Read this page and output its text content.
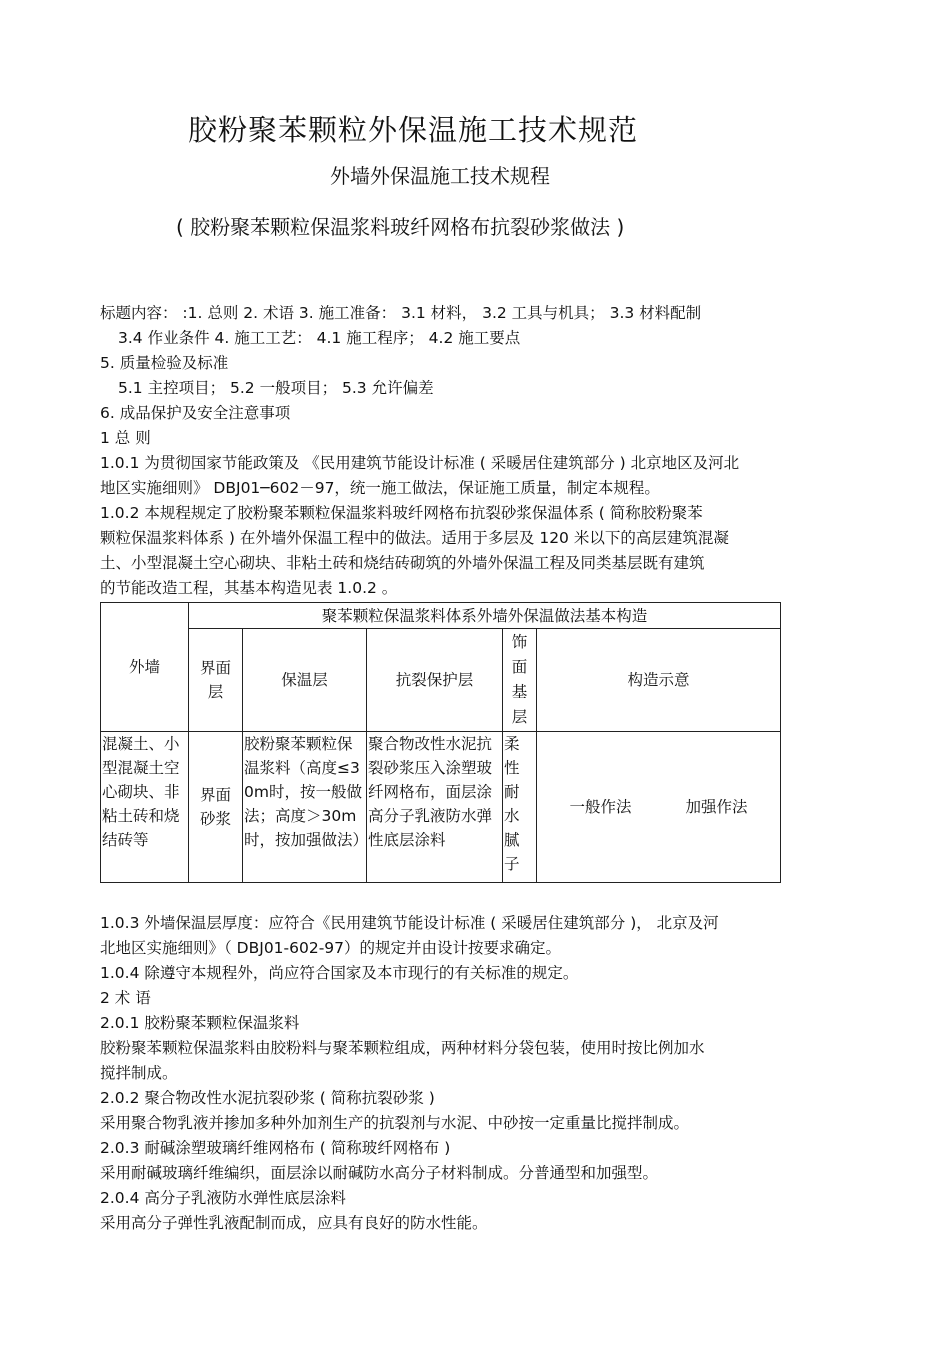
胶粉聚苯颗粒外保温施工技术规范
外墙外保温施工技术规程
( 胶粉聚苯颗粒保温浆料玻纤网格布抗裂砂浆做法 )
标题内容： :1. 总则 2. 术语 3. 施工准备： 3.1 材料， 3.2 工具与机具； 3.3 材料配制
3.4 作业条件 4. 施工工艺： 4.1 施工程序； 4.2 施工要点
5. 质量检验及标准
5.1 主控项目； 5.2 一般项目； 5.3 允许偏差
6. 成品保护及安全注意事项
1 总 则
1.0.1 为贯彻国家节能政策及 《民用建筑节能设计标准 ( 采暖居住建筑部分 ) 北京地区及河北
地区实施细则》 DBJ01─602－97，统一施工做法，保证施工质量，制定本规程。
1.0.2 本规程规定了胶粉聚苯颗粒保温浆料玻纤网格布抗裂砂浆保温体系 ( 简称胶粉聚苯
颗粒保温浆料体系 ) 在外墙外保温工程中的做法。适用于多层及 120 米以下的高层建筑混凝
土、小型混凝土空心砌块、非粘土砖和烧结砖砌筑的外墙外保温工程及同类基层既有建筑
的节能改造工程，其基本构造见表 1.0.2 。
外墙	聚苯颗粒保温浆料体系外墙外保温做法基本构造				

	界面层	保温层	抗裂保护层	饰面基层	构造示意
混凝土、小型混凝土空心砌块、非粘土砖和烧结砖等	界面砂浆	胶粉聚苯颗粒保温浆料（高度≤30m时，按一般做法；高度＞30m时，按加强做法）	聚合物改性水泥抗裂砂浆压入涂塑玻纤网格布，面层涂高分子乳液防水弹性底层涂料	柔性耐水腻子	一般作法 加强作法
1.0.3 外墙保温层厚度：应符合《民用建筑节能设计标准 ( 采暖居住建筑部分 )， 北京及河
北地区实施细则》（ DBJ01-602-97）的规定并由设计按要求确定。
1.0.4 除遵守本规程外，尚应符合国家及本市现行的有关标准的规定。
2 术 语
2.0.1 胶粉聚苯颗粒保温浆料
胶粉聚苯颗粒保温浆料由胶粉料与聚苯颗粒组成，两种材料分袋包装，使用时按比例加水
搅拌制成。
2.0.2 聚合物改性水泥抗裂砂浆 ( 简称抗裂砂浆 )
采用聚合物乳液并掺加多种外加剂生产的抗裂剂与水泥、中砂按一定重量比搅拌制成。
2.0.3 耐碱涂塑玻璃纤维网格布 ( 简称玻纤网格布 )
采用耐碱玻璃纤维编织，面层涂以耐碱防水高分子材料制成。分普通型和加强型。
2.0.4 高分子乳液防水弹性底层涂料
采用高分子弹性乳液配制而成，应具有良好的防水性能。
